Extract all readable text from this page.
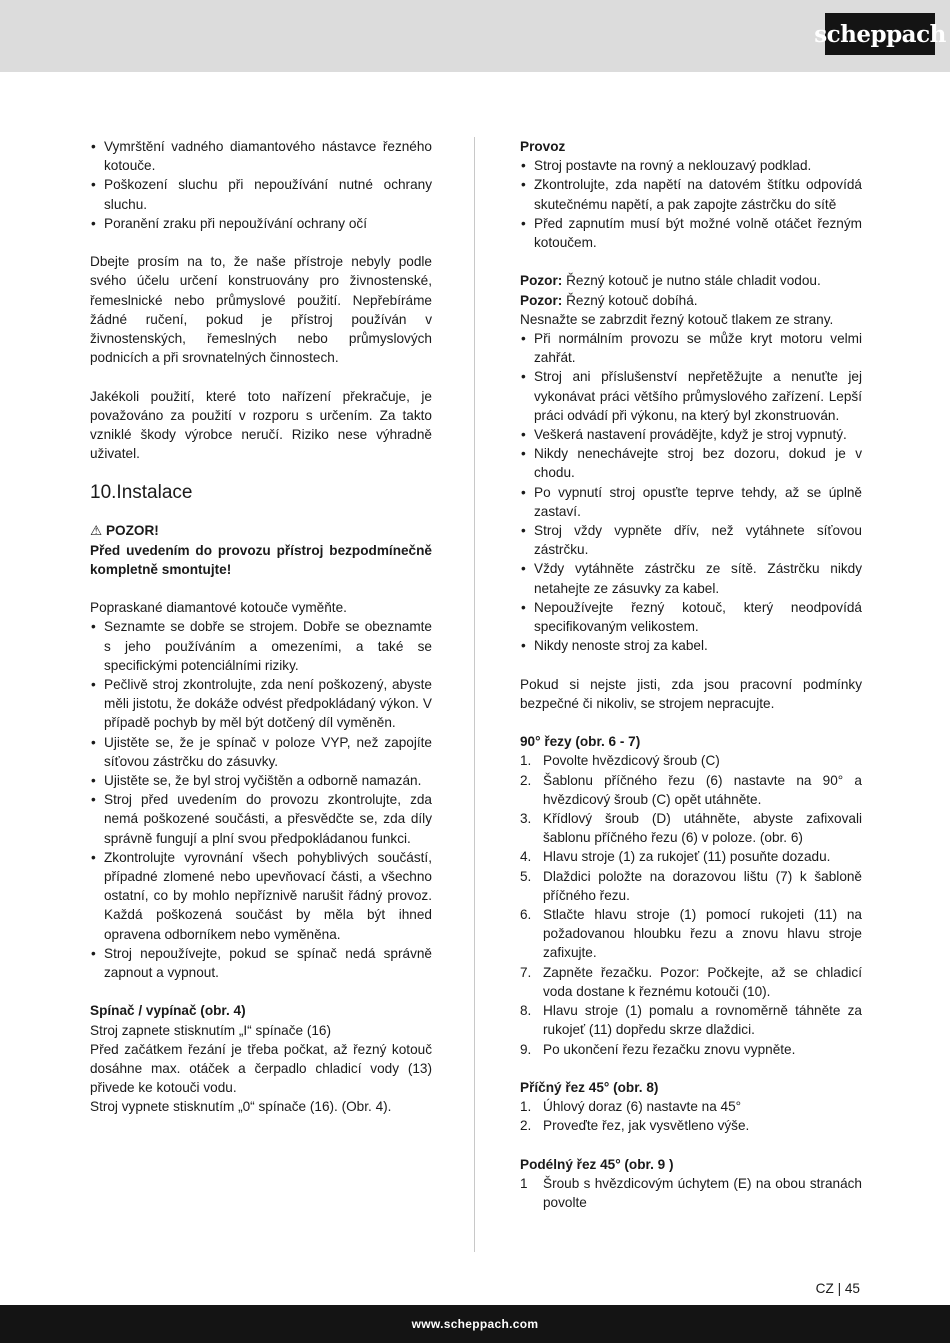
scheppach
• Vymrštění vadného diamantového nástavce řezného kotouče.
• Poškození sluchu při nepoužívání nutné ochrany sluchu.
• Poranění zraku při nepoužívání ochrany očí

Dbejte prosím na to, že naše přístroje nebyly podle svého účelu určení konstruovány pro živnostenské, řemeslnické nebo průmyslové použití. Nepřebíráme žádné ručení, pokud je přístroj používán v živnostenských, řemeslných nebo průmyslových podnicích a při srovnatelných činnostech.

Jakékoli použití, které toto nařízení překračuje, je považováno za použití v rozporu s určením. Za takto vzniklé škody výrobce neručí. Riziko nese výhradně uživatel.

10.Instalace

⚠ POZOR!

Před uvedením do provozu přístroj bezpodmínečně kompletně smontujte!

Popraskané diamantové kotouče vyměňte.

• Seznamte se dobře se strojem. Dobře se obeznamte s jeho používáním a omezeními, a také se specifickými potenciálními riziky.
• Pečlivě stroj zkontrolujte, zda není poškozený, abyste měli jistotu, že dokáže odvést předpokládaný výkon. V případě pochyb by měl být dotčený díl vyměněn.
• Ujistěte se, že je spínač v poloze VYP, než zapojíte síťovou zástrčku do zásuvky.
• Ujistěte se, že byl stroj vyčištěn a odborně namazán.
• Stroj před uvedením do provozu zkontrolujte, zda nemá poškozené součásti, a přesvědčte se, zda díly správně fungují a plní svou předpokládanou funkci.
• Zkontrolujte vyrovnání všech pohyblivých součástí, případné zlomené nebo upevňovací části, a všechno ostatní, co by mohlo nepříznivě narušit řádný provoz. Každá poškozená součást by měla být ihned opravena odborníkem nebo vyměněna.
• Stroj nepoužívejte, pokud se spínač nedá správně zapnout a vypnout.

Spínač / vypínač (obr. 4)

Stroj zapnete stisknutím „I“ spínače (16)

Před začátkem řezání je třeba počkat, až řezný kotouč dosáhne max. otáček a čerpadlo chladicí vody (13) přivede ke kotouči vodu.

Stroj vypnete stisknutím „0“ spínače (16). (Obr. 4).

Provoz

• Stroj postavte na rovný a neklouzavý podklad.
• Zkontrolujte, zda napětí na datovém štítku odpovídá skutečnému napětí, a pak zapojte zástrčku do sítě
• Před zapnutím musí být možné volně otáčet řezným kotoučem.

Pozor: Řezný kotouč je nutno stále chladit vodou.

Pozor: Řezný kotouč dobíhá.

Nesnažte se zabrzdit řezný kotouč tlakem ze strany.

• Při normálním provozu se může kryt motoru velmi zahřát.
• Stroj ani příslušenství nepřetěžujte a nenuťte jej vykonávat práci většího průmyslového zařízení. Lepší práci odvádí při výkonu, na který byl zkonstruován.
• Veškerá nastavení provádějte, když je stroj vypnutý.
• Nikdy nenechávejte stroj bez dozoru, dokud je v chodu.
• Po vypnutí stroj opusťte teprve tehdy, až se úplně zastaví.
• Stroj vždy vypněte dřív, než vytáhnete síťovou zástrčku.
• Vždy vytáhněte zástrčku ze sítě. Zástrčku nikdy netahejte ze zásuvky za kabel.
• Nepoužívejte řezný kotouč, který neodpovídá specifikovaným velikostem.
• Nikdy nenoste stroj za kabel.

Pokud si nejste jisti, zda jsou pracovní podmínky bezpečné či nikoliv, se strojem nepracujte.

90° řezy (obr. 6 - 7)

1. Povolte hvězdicový šroub (C)
2. Šablonu příčného řezu (6) nastavte na 90° a hvězdicový šroub (C) opět utáhněte.
3. Křídlový šroub (D) utáhněte, abyste zafixovali šablonu příčného řezu (6) v poloze. (obr. 6)
4. Hlavu stroje (1) za rukojeť (11) posuňte dozadu.
5. Dlaždici položte na dorazovou lištu (7) k šabloně příčného řezu.
6. Stlačte hlavu stroje (1) pomocí rukojeti (11) na požadovanou hloubku řezu a znovu hlavu stroje zafixujte.
7. Zapněte řezačku. Pozor: Počkejte, až se chladicí voda dostane k řeznému kotouči (10).
8. Hlavu stroje (1) pomalu a rovnoměrně táhněte za rukojeť (11) dopředu skrze dlaždici.
9. Po ukončení řezu řezačku znovu vypněte.

Příčný řez 45° (obr. 8)

1. Úhlový doraz (6) nastavte na 45°
2. Proveďte řez, jak vysvětleno výše.

Podélný řez 45° (obr. 9 )

1 Šroub s hvězdicovým úchytem (E) na obou stranách povolte
CZ | 45
www.scheppach.com
